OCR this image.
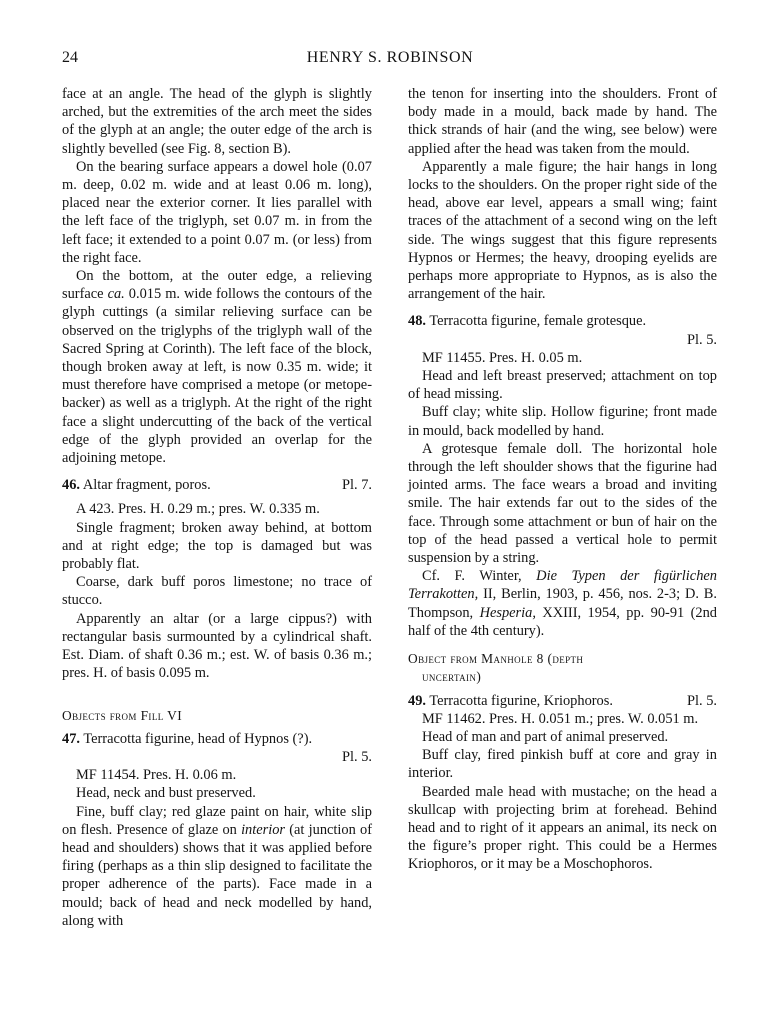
24	HENRY S. ROBINSON

face at an angle. The head of the glyph is slightly arched, but the extremities of the arch meet the sides of the glyph at an angle; the outer edge of the arch is slightly bevelled (see Fig. 8, section B).

On the bearing surface appears a dowel hole (0.07 m. deep, 0.02 m. wide and at least 0.06 m. long), placed near the exterior corner. It lies parallel with the left face of the triglyph, set 0.07 m. in from the left face; it extended to a point 0.07 m. (or less) from the right face.

On the bottom, at the outer edge, a relieving surface ca. 0.015 m. wide follows the contours of the glyph cuttings (a similar relieving surface can be observed on the triglyphs of the triglyph wall of the Sacred Spring at Corinth). The left face of the block, though broken away at left, is now 0.35 m. wide; it must therefore have comprised a metope (or metope-backer) as well as a triglyph. At the right of the right face a slight undercutting of the back of the vertical edge of the glyph provided an overlap for the adjoining metope.

Pl. 7.
46. Altar fragment, poros.

A 423. Pres. H. 0.29 m.; pres. W. 0.335 m.

Single fragment; broken away behind, at bottom and at right edge; the top is damaged but was probably flat.

Coarse, dark buff poros limestone; no trace of stucco.

Apparently an altar (or a large cippus?) with rectangular basis surmounted by a cylindrical shaft. Est. Diam. of shaft 0.36 m.; est. W. of basis 0.36 m.; pres. H. of basis 0.095 m.

Objects from Fill VI
47. Terracotta figurine, head of Hypnos (?).
Pl. 5.

MF 11454. Pres. H. 0.06 m.

Head, neck and bust preserved.

Fine, buff clay; red glaze paint on hair, white slip on flesh. Presence of glaze on interior (at junction of head and shoulders) shows that it was applied before firing (perhaps as a thin slip designed to facilitate the proper adherence of the parts). Face made in a mould; back of head and neck modelled by hand, along with

the tenon for inserting into the shoulders. Front of body made in a mould, back made by hand. The thick strands of hair (and the wing, see below) were applied after the head was taken from the mould.

Apparently a male figure; the hair hangs in long locks to the shoulders. On the proper right side of the head, above ear level, appears a small wing; faint traces of the attachment of a second wing on the left side. The wings suggest that this figure represents Hypnos or Hermes; the heavy, drooping eyelids are perhaps more appropriate to Hypnos, as is also the arrangement of the hair.

48. Terracotta figurine, female grotesque.
Pl. 5.

MF 11455. Pres. H. 0.05 m.

Head and left breast preserved; attachment on top of head missing.

Buff clay; white slip. Hollow figurine; front made in mould, back modelled by hand.

A grotesque female doll. The horizontal hole through the left shoulder shows that the figurine had jointed arms. The face wears a broad and inviting smile. The hair extends far out to the sides of the face. Through some attachment or bun of hair on the top of the head passed a vertical hole to permit suspension by a string.

Cf. F. Winter, Die Typen der figürlichen Terrakotten, II, Berlin, 1903, p. 456, nos. 2-3; D. B. Thompson, Hesperia, XXIII, 1954, pp. 90-91 (2nd half of the 4th century).

Object from Manhole 8 (depth
uncertain)
Pl. 5.
49. Terracotta figurine, Kriophoros.

MF 11462. Pres. H. 0.051 m.; pres. W. 0.051 m.

Head of man and part of animal preserved.

Buff clay, fired pinkish buff at core and gray in interior.

Bearded male head with mustache; on the head a skullcap with projecting brim at forehead. Behind head and to right of it appears an animal, its neck on the figure’s proper right. This could be a Hermes Kriophoros, or it may be a Moschophoros.
